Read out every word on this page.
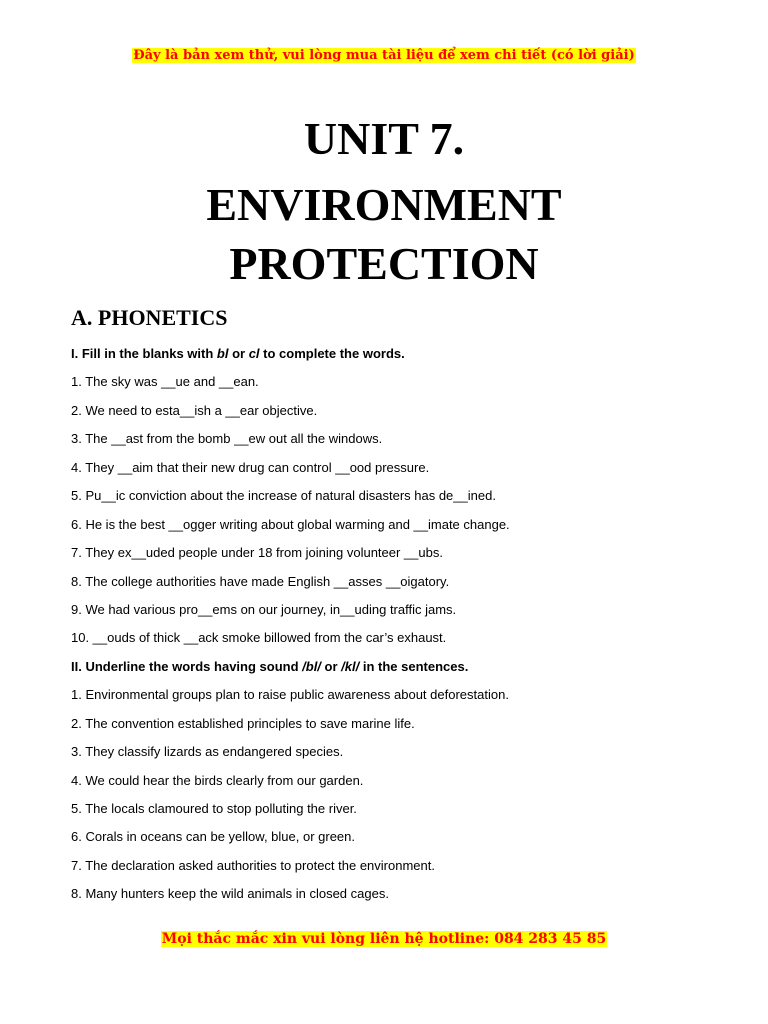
Đây là bản xem thử, vui lòng mua tài liệu để xem chi tiết (có lời giải)
UNIT 7.
ENVIRONMENT
PROTECTION
A. PHONETICS
I. Fill in the blanks with bl or cl to complete the words.
1. The sky was __ue and __ean.
2. We need to esta__ish a __ear objective.
3. The __ast from the bomb __ew out all the windows.
4. They __aim that their new drug can control __ood pressure.
5. Pu__ic conviction about the increase of natural disasters has de__ined.
6. He is the best __ogger writing about global warming and __imate change.
7. They ex__uded people under 18 from joining volunteer __ubs.
8. The college authorities have made English __asses __oigatory.
9. We had various pro__ems on our journey, in__uding traffic jams.
10. __ouds of thick __ack smoke billowed from the car’s exhaust.
II. Underline the words having sound /bl/ or /kl/ in the sentences.
1. Environmental groups plan to raise public awareness about deforestation.
2. The convention established principles to save marine life.
3. They classify lizards as endangered species.
4. We could hear the birds clearly from our garden.
5. The locals clamoured to stop polluting the river.
6. Corals in oceans can be yellow, blue, or green.
7. The declaration asked authorities to protect the environment.
8. Many hunters keep the wild animals in closed cages.
Mọi thắc mắc xin vui lòng liên hệ hotline: 084 283 45 85
